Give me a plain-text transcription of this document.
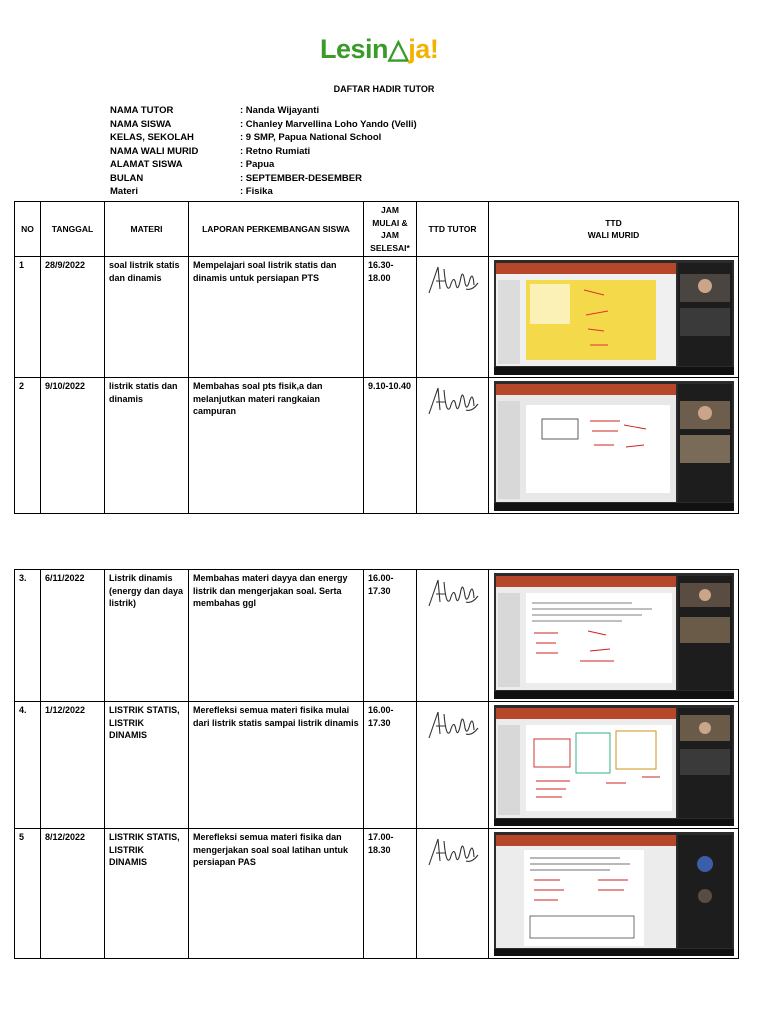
Lesin△ja!
DAFTAR HADIR TUTOR
NAMA TUTOR	: Nanda Wijayanti
NAMA SISWA	: Chanley Marvellina Loho Yando (Velli)
KELAS, SEKOLAH	: 9 SMP, Papua National School
NAMA WALI MURID	: Retno Rumiati
ALAMAT SISWA	: Papua
BULAN	: SEPTEMBER-DESEMBER
Materi	: Fisika
NO	TANGGAL	MATERI	LAPORAN PERKEMBANGAN SISWA	JAM MULAI & JAM SELESAI*	TTD TUTOR	TTD
WALI MURID

1	28/9/2022	soal listrik statis dan dinamis	Mempelajari soal listrik statis dan dinamis untuk persiapan PTS	16.30-18.00	

2	9/10/2022	listrik statis dan dinamis	Membahas soal pts fisik,a dan melanjutkan materi rangkaian campuran	9.10-10.40	

3.	6/11/2022	Listrik dinamis (energy dan daya listrik)	Membahas materi dayya dan energy listrik dan mengerjakan soal. Serta membahas ggl	16.00-17.30	

4.	1/12/2022	LISTRIK STATIS, LISTRIK DINAMIS	Merefleksi semua materi fisika mulai dari listrik statis sampai listrik dinamis	16.00-17.30	

5	8/12/2022	LISTRIK STATIS, LISTRIK DINAMIS	Merefleksi semua materi fisika dan mengerjakan soal soal latihan untuk persiapan PAS	17.00-18.30	
